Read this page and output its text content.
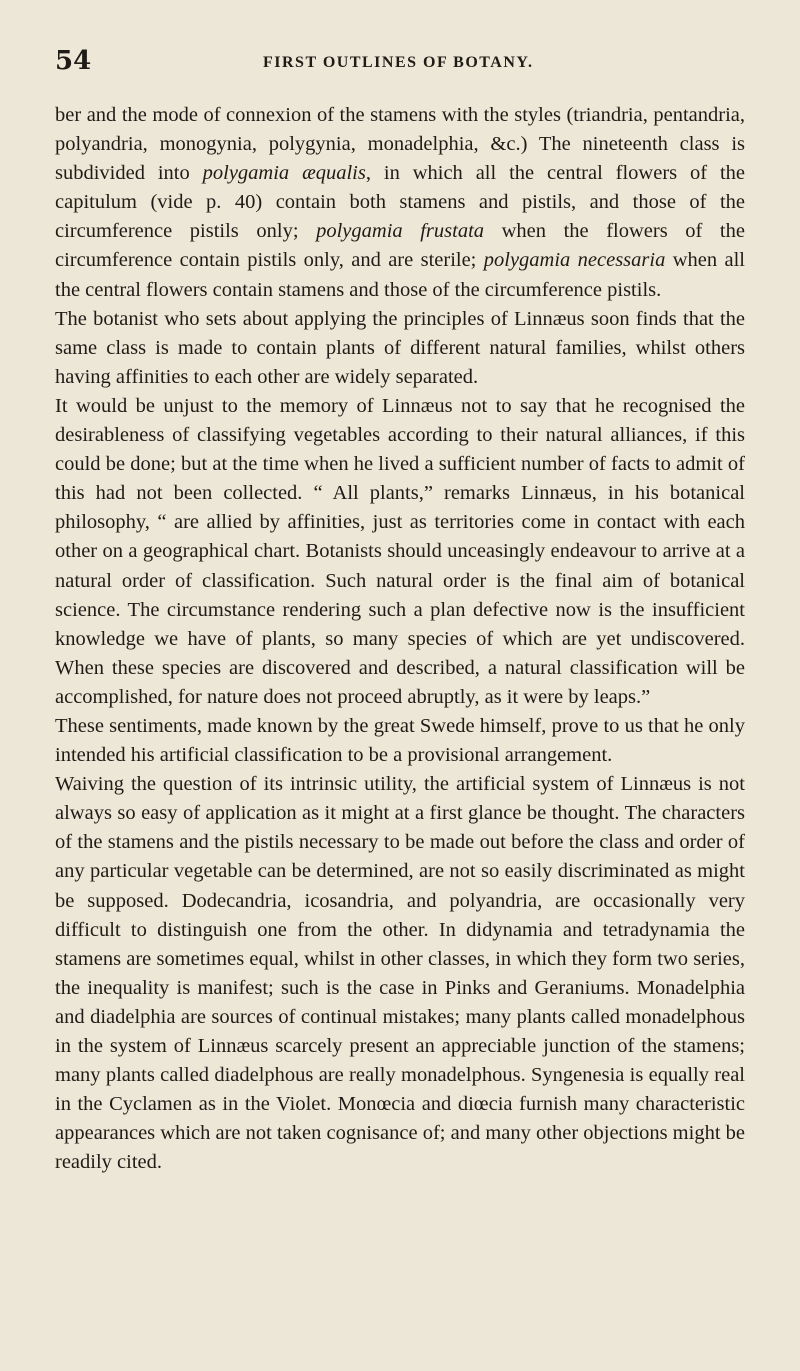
54	FIRST OUTLINES OF BOTANY.

ber and the mode of connexion of the stamens with the styles (triandria, pentandria, polyandria, monogynia, polygynia, monadelphia, &c.) The nineteenth class is subdivided into polygamia æqualis, in which all the central flowers of the capitulum (vide p. 40) contain both stamens and pistils, and those of the circumference pistils only; polygamia frustata when the flowers of the circumference contain pistils only, and are sterile; polygamia necessaria when all the central flowers contain stamens and those of the circumference pistils.

The botanist who sets about applying the principles of Linnæus soon finds that the same class is made to contain plants of different natural families, whilst others having affinities to each other are widely separated.

It would be unjust to the memory of Linnæus not to say that he recognised the desirableness of classifying vegetables according to their natural alliances, if this could be done; but at the time when he lived a sufficient number of facts to admit of this had not been collected. “ All plants,” remarks Linnæus, in his botanical philosophy, “ are allied by affinities, just as territories come in contact with each other on a geographical chart. Botanists should unceasingly endeavour to arrive at a natural order of classification. Such natural order is the final aim of botanical science. The circumstance rendering such a plan defective now is the insufficient knowledge we have of plants, so many species of which are yet undiscovered. When these species are discovered and described, a natural classification will be accomplished, for nature does not proceed abruptly, as it were by leaps.”

These sentiments, made known by the great Swede himself, prove to us that he only intended his artificial classification to be a provisional arrangement.

Waiving the question of its intrinsic utility, the artificial system of Linnæus is not always so easy of application as it might at a first glance be thought. The characters of the stamens and the pistils necessary to be made out before the class and order of any particular vegetable can be determined, are not so easily discriminated as might be supposed. Dodecandria, icosandria, and polyandria, are occasionally very difficult to distinguish one from the other. In didynamia and tetradynamia the stamens are sometimes equal, whilst in other classes, in which they form two series, the inequality is manifest; such is the case in Pinks and Geraniums. Monadelphia and diadelphia are sources of continual mistakes; many plants called monadelphous in the system of Linnæus scarcely present an appreciable junction of the stamens; many plants called diadelphous are really monadelphous. Syngenesia is equally real in the Cyclamen as in the Violet. Monœcia and diœcia furnish many characteristic appearances which are not taken cognisance of; and many other objections might be readily cited.
